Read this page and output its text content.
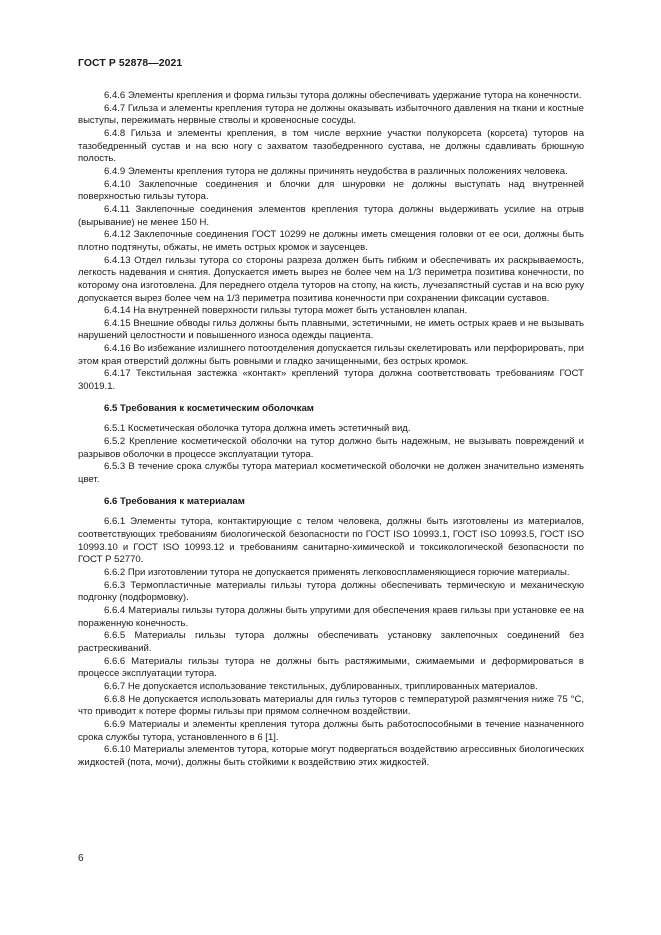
ГОСТ Р 52878—2021

6.4.6 Элементы крепления и форма гильзы тутора должны обеспечивать удержание тутора на конечности.

6.4.7 Гильза и элементы крепления тутора не должны оказывать избыточного давления на ткани и костные выступы, пережимать нервные стволы и кровеносные сосуды.

6.4.8 Гильза и элементы крепления, в том числе верхние участки полукорсета (корсета) туторов на тазобедренный сустав и на всю ногу с захватом тазобедренного сустава, не должны сдавливать брюшную полость.

6.4.9 Элементы крепления тутора не должны причинять неудобства в различных положениях человека.

6.4.10 Заклепочные соединения и блочки для шнуровки не должны выступать над внутренней поверхностью гильзы тутора.

6.4.11 Заклепочные соединения элементов крепления тутора должны выдерживать усилие на отрыв (вырывание) не менее 150 Н.

6.4.12 Заклепочные соединения ГОСТ 10299 не должны иметь смещения головки от ее оси, должны быть плотно подтянуты, обжаты, не иметь острых кромок и заусенцев.

6.4.13 Отдел гильзы тутора со стороны разреза должен быть гибким и обеспечивать их раскрываемость, легкость надевания и снятия. Допускается иметь вырез не более чем на 1/3 периметра позитива конечности, по которому она изготовлена. Для переднего отдела туторов на стопу, на кисть, лучезапястный сустав и на всю руку допускается вырез более чем на 1/3 периметра позитива конечности при сохранении фиксации суставов.

6.4.14 На внутренней поверхности гильзы тутора может быть установлен клапан.

6.4.15 Внешние обводы гильз должны быть плавными, эстетичными, не иметь острых краев и не вызывать нарушений целостности и повышенного износа одежды пациента.

6.4.16 Во избежание излишнего потоотделения допускается гильзы скелетировать или перфорировать, при этом края отверстий должны быть ровными и гладко зачищенными, без острых кромок.

6.4.17 Текстильная застежка «контакт» креплений тутора должна соответствовать требованиям ГОСТ 30019.1.

6.5 Требования к косметическим оболочкам

6.5.1 Косметическая оболочка тутора должна иметь эстетичный вид.

6.5.2 Крепление косметической оболочки на тутор должно быть надежным, не вызывать повреждений и разрывов оболочки в процессе эксплуатации тутора.

6.5.3 В течение срока службы тутора материал косметической оболочки не должен значительно изменять цвет.

6.6 Требования к материалам

6.6.1 Элементы тутора, контактирующие с телом человека, должны быть изготовлены из материалов, соответствующих требованиям биологической безопасности по ГОСТ ISO 10993.1, ГОСТ ISO 10993.5, ГОСТ ISO 10993.10 и ГОСТ ISO 10993.12 и требованиям санитарно-химической и токсикологической безопасности по ГОСТ Р 52770.

6.6.2 При изготовлении тутора не допускается применять легковоспламеняющиеся горючие материалы.

6.6.3 Термопластичные материалы гильзы тутора должны обеспечивать термическую и механическую подгонку (подформовку).

6.6.4 Материалы гильзы тутора должны быть упругими для обеспечения краев гильзы при установке ее на пораженную конечность.

6.6.5 Материалы гильзы тутора должны обеспечивать установку заклепочных соединений без растрескиваний.

6.6.6 Материалы гильзы тутора не должны быть растяжимыми, сжимаемыми и деформироваться в процессе эксплуатации тутора.

6.6.7 Не допускается использование текстильных, дублированных, триплированных материалов.

6.6.8 Не допускается использовать материалы для гильз туторов с температурой размягчения ниже 75 °С, что приводит к потере формы гильзы при прямом солнечном воздействии.

6.6.9 Материалы и элементы крепления тутора должны быть работоспособными в течение назначенного срока службы тутора, установленного в 6 [1].

6.6.10 Материалы элементов тутора, которые могут подвергаться воздействию агрессивных биологических жидкостей (пота, мочи), должны быть стойкими к воздействию этих жидкостей.

6
